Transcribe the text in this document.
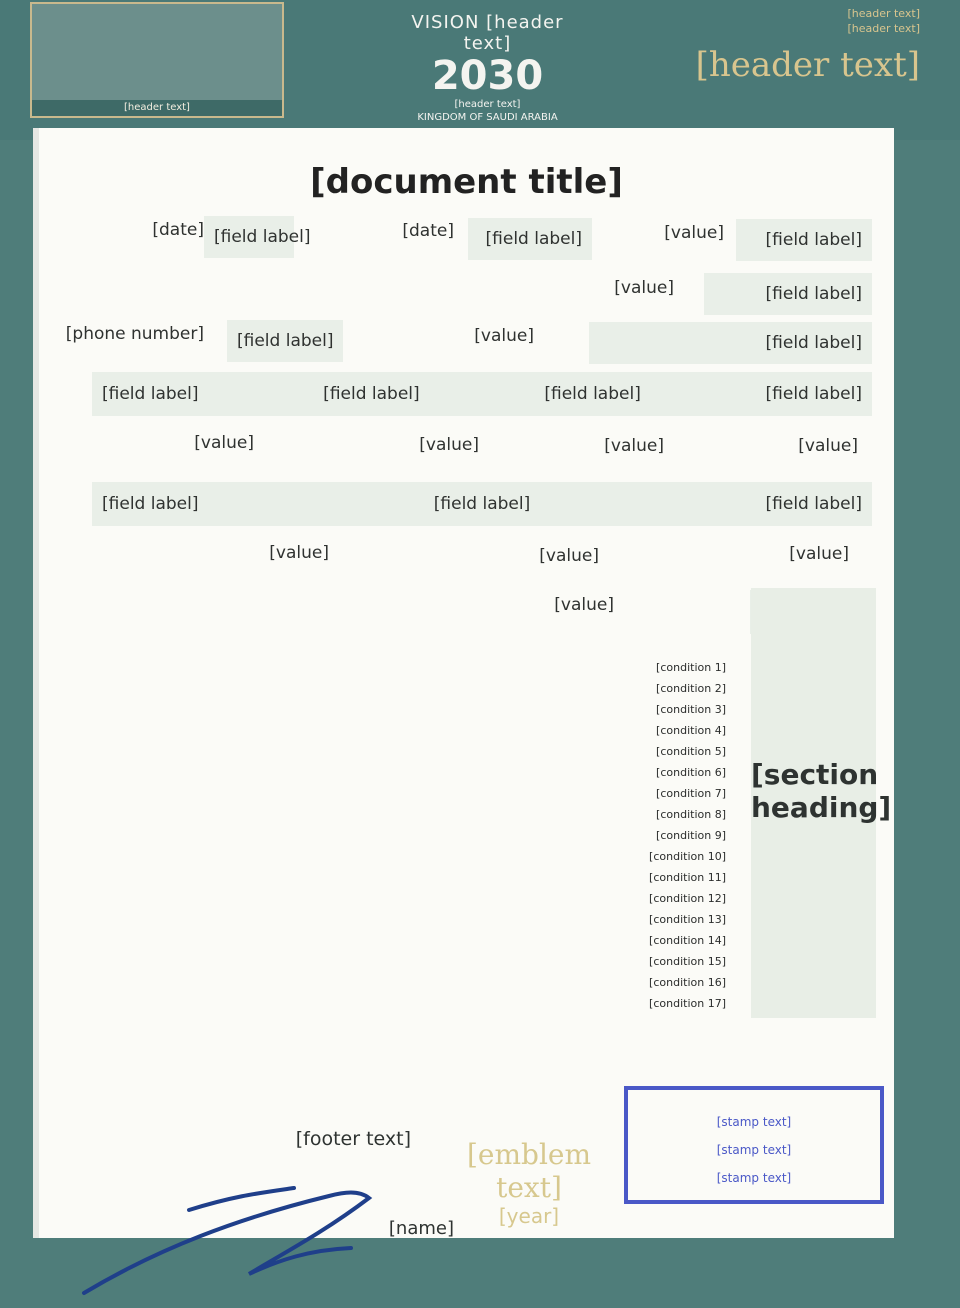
[header text]
VISION [header text]
2030
[header text]
KINGDOM OF SAUDI ARABIA
[header text]
[header text]
[header text]
[document title]
[field label]
[value]
[field label]
[date]
[field label]
[date]
[field label]
[value]
[field label]
[value]
[field label]
[phone number]
[field label]
[field label]
[field label]
[field label]
[value]
[value]
[value]
[value]
[field label]
[field label]
[field label]
[value]
[value]
[value]
[value]
[section heading]
[condition 1]
[condition 2]
[condition 3]
[condition 4]
[condition 5]
[condition 6]
[condition 7]
[condition 8]
[condition 9]
[condition 10]
[condition 11]
[condition 12]
[condition 13]
[condition 14]
[condition 15]
[condition 16]
[condition 17]
[footer text]
[name]
[emblem text]
[year]
[stamp text]
[stamp text]
[stamp text]
